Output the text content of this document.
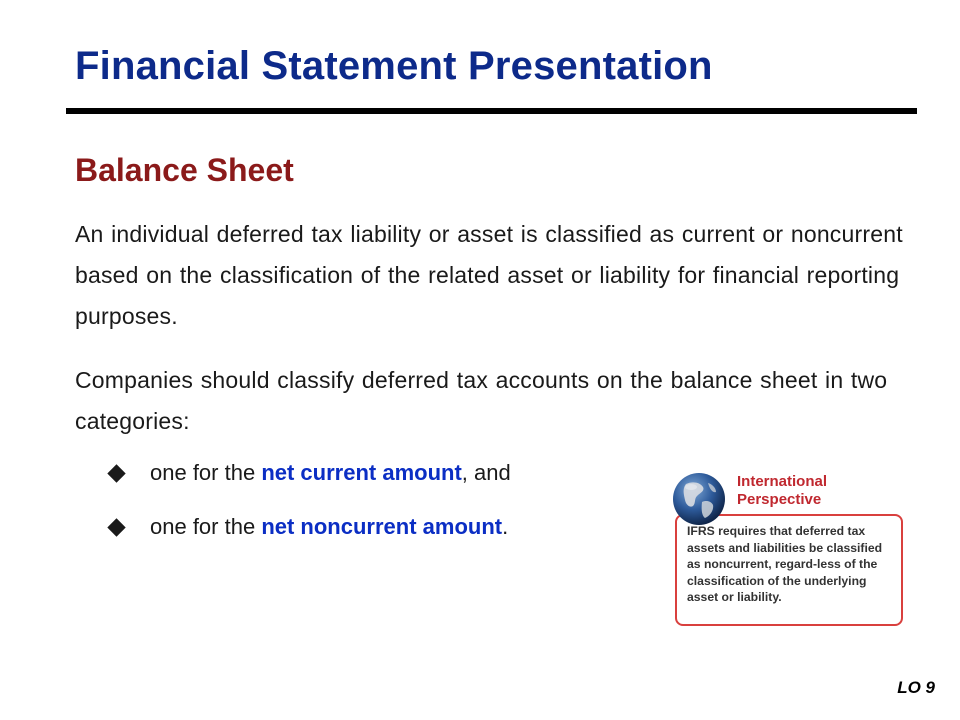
Financial Statement Presentation
Balance Sheet
An individual deferred tax liability or asset is classified as current or noncurrent based on the classification of the related asset or liability for financial reporting purposes.
Companies should classify deferred tax accounts on the balance sheet in two categories:
one for the net current amount, and
one for the net noncurrent amount.	IFRS requires that deferred tax assets and liabilities be classified as noncurrent, regard-less of the classification of the underlying asset or liability.
International
Perspective
LO 9
